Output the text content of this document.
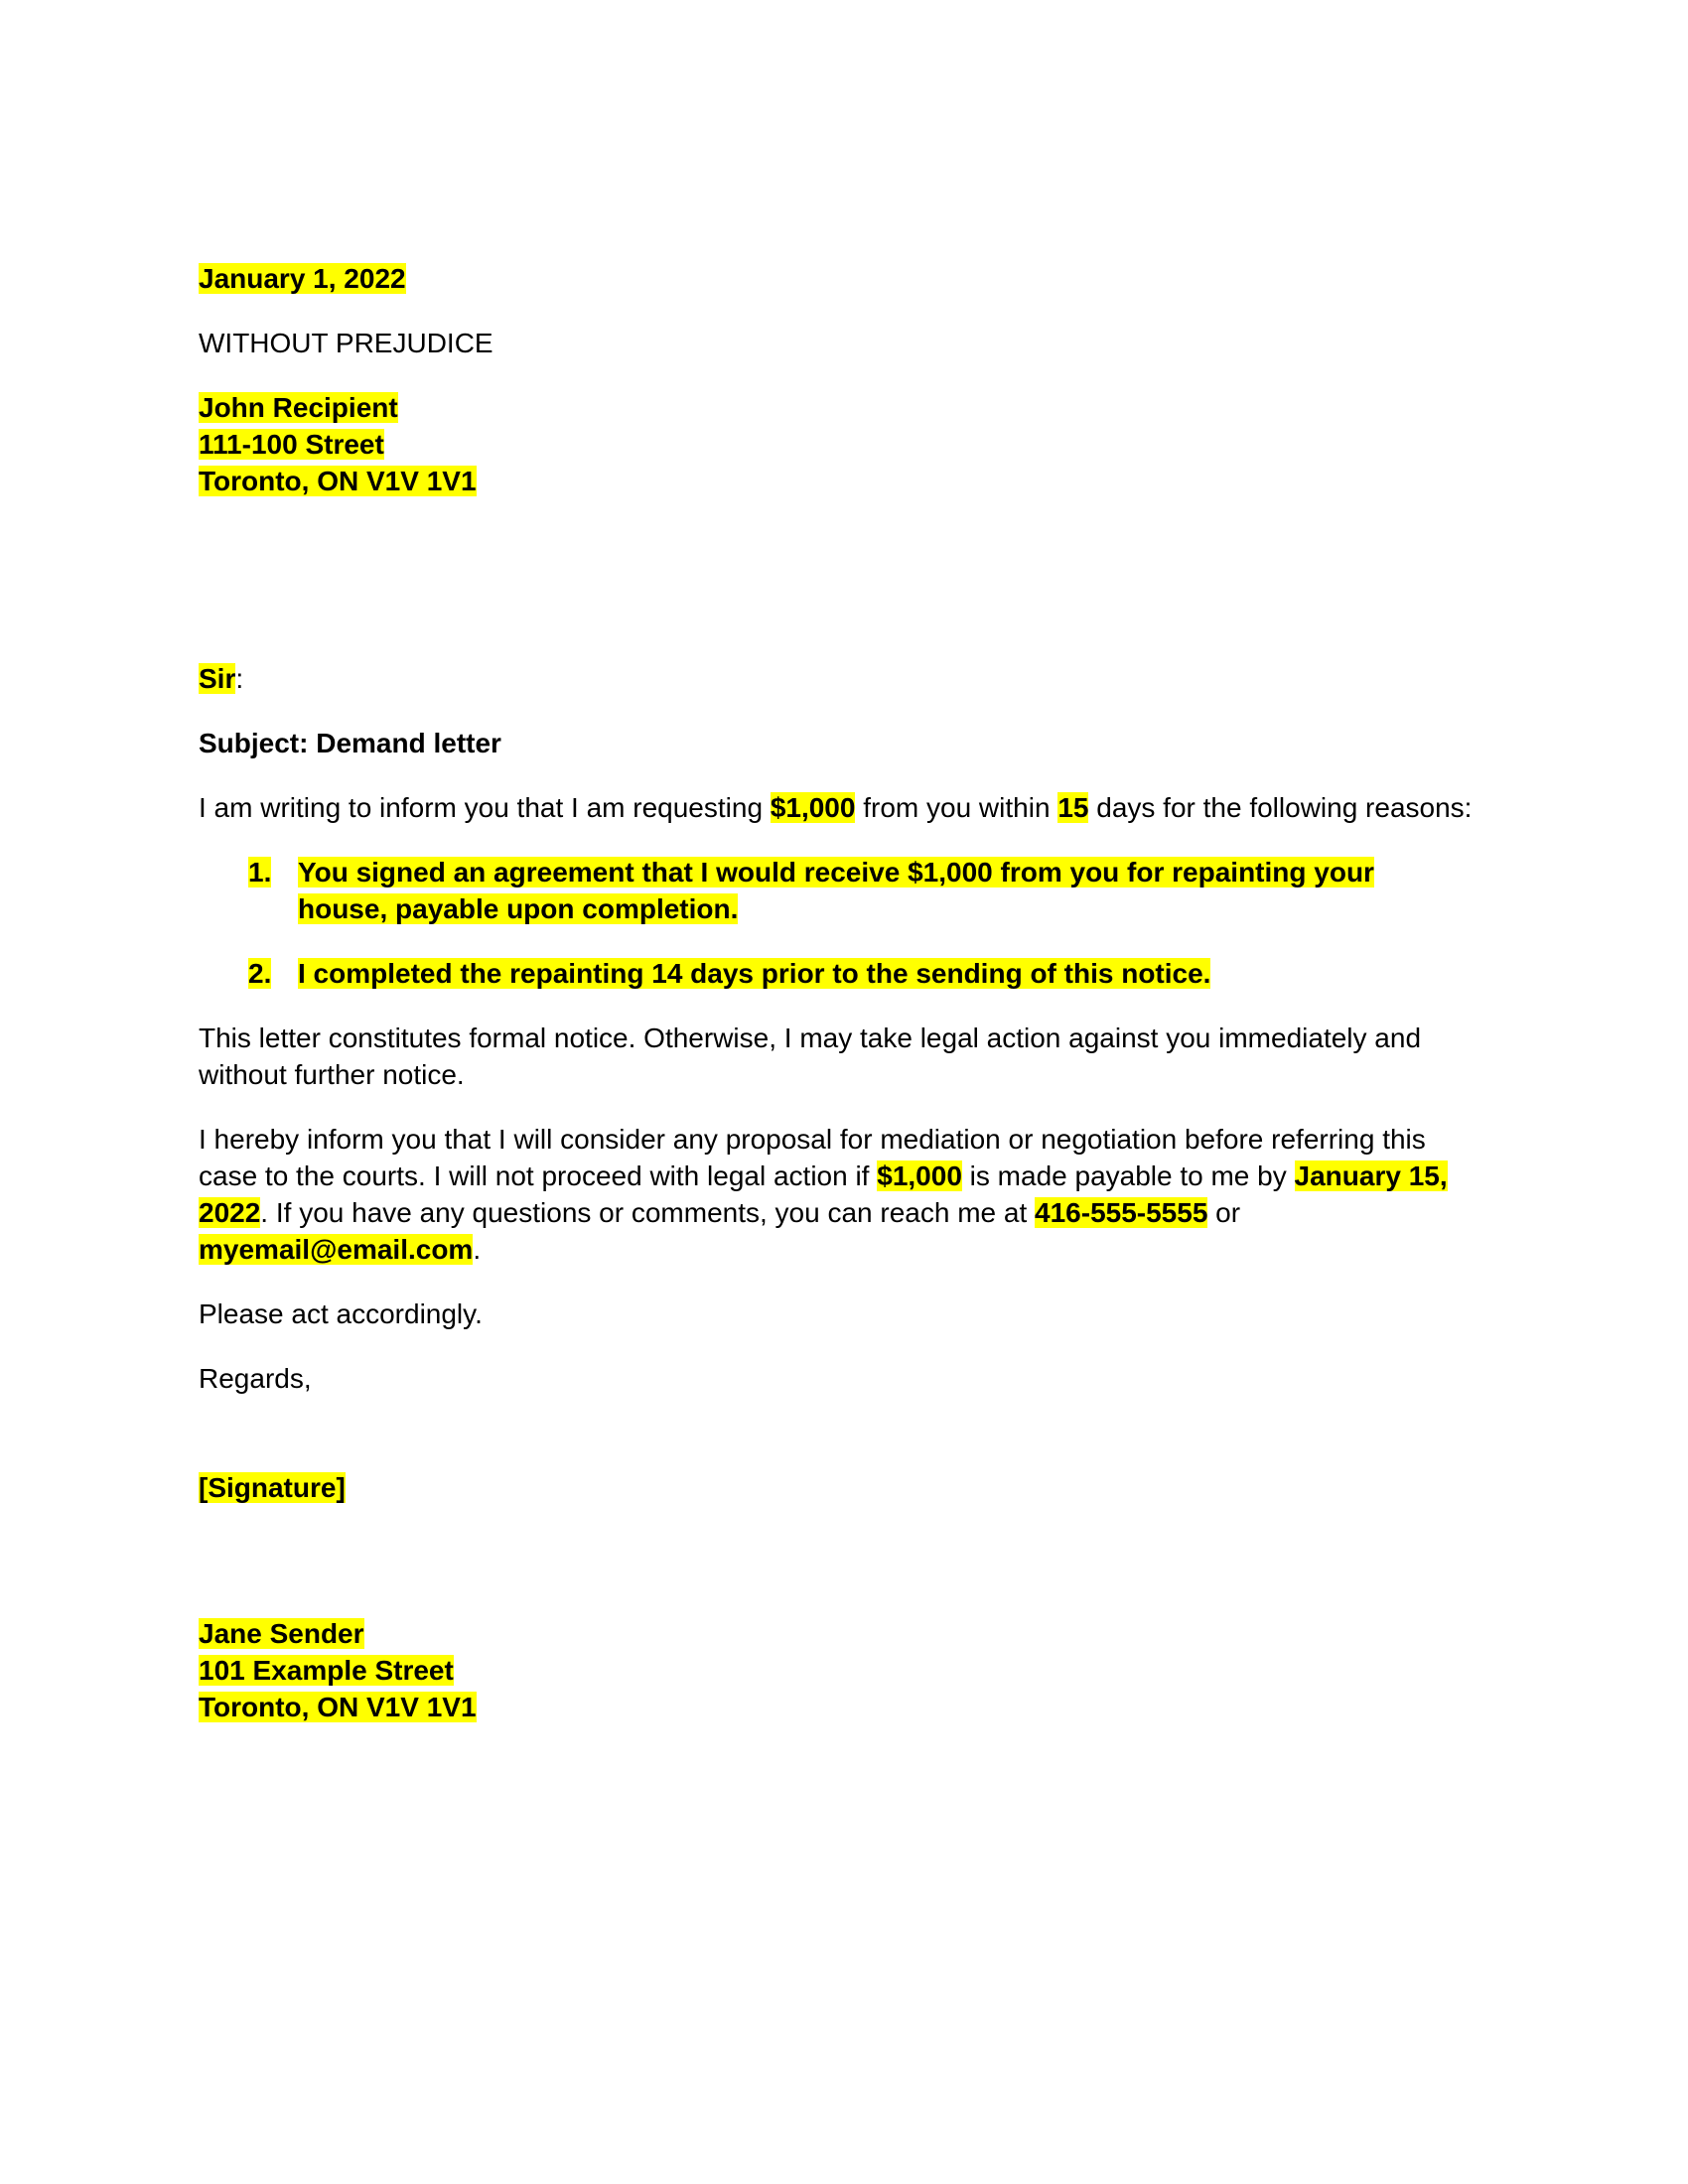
January 1, 2022

WITHOUT PREJUDICE

John Recipient
111-100 Street
Toronto, ON V1V 1V1

Sir:

Subject: Demand letter

I am writing to inform you that I am requesting $1,000 from you within 15 days for the following reasons:

1. You signed an agreement that I would receive $1,000 from you for repainting your house, payable upon completion.
2. I completed the repainting 14 days prior to the sending of this notice.

This letter constitutes formal notice. Otherwise, I may take legal action against you immediately and without further notice.

I hereby inform you that I will consider any proposal for mediation or negotiation before referring this case to the courts. I will not proceed with legal action if $1,000 is made payable to me by January 15, 2022. If you have any questions or comments, you can reach me at 416-555-5555 or myemail@email.com.

Please act accordingly.

Regards,

[Signature]

Jane Sender
101 Example Street
Toronto, ON V1V 1V1
